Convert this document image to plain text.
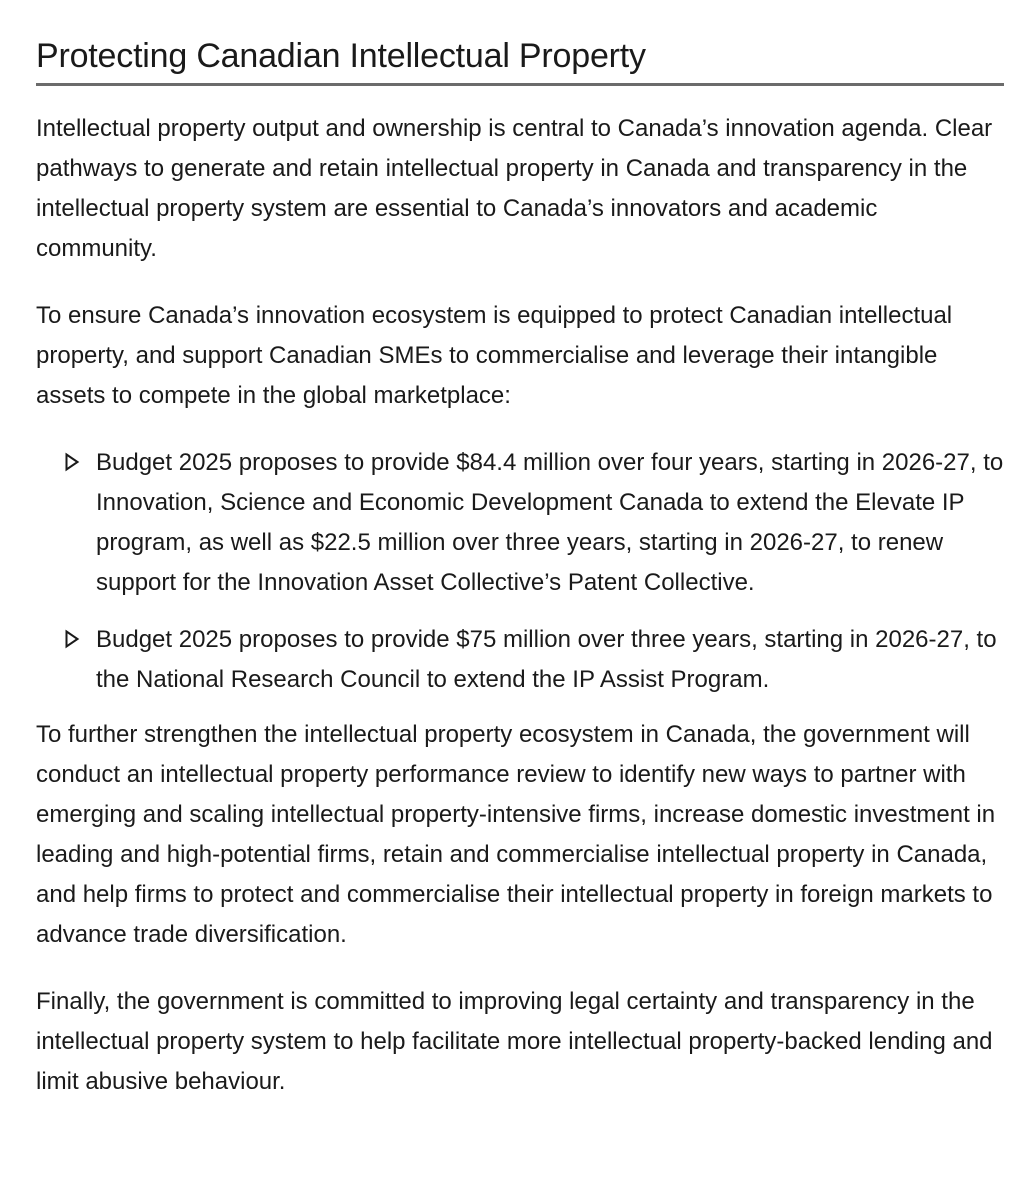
Protecting Canadian Intellectual Property

Intellectual property output and ownership is central to Canada’s innovation agenda. Clear pathways to generate and retain intellectual property in Canada and transparency in the intellectual property system are essential to Canada’s innovators and academic community.

To ensure Canada’s innovation ecosystem is equipped to protect Canadian intellectual property, and support Canadian SMEs to commercialise and leverage their intangible assets to compete in the global marketplace:

Budget 2025 proposes to provide $84.4 million over four years, starting in 2026-27, to Innovation, Science and Economic Development Canada to extend the Elevate IP program, as well as $22.5 million over three years, starting in 2026-27, to renew support for the Innovation Asset Collective’s Patent Collective.
Budget 2025 proposes to provide $75 million over three years, starting in 2026-27, to the National Research Council to extend the IP Assist Program.

To further strengthen the intellectual property ecosystem in Canada, the government will conduct an intellectual property performance review to identify new ways to partner with emerging and scaling intellectual property-intensive firms, increase domestic investment in leading and high-potential firms, retain and commercialise intellectual property in Canada, and help firms to protect and commercialise their intellectual property in foreign markets to advance trade diversification.

Finally, the government is committed to improving legal certainty and transparency in the intellectual property system to help facilitate more intellectual property-backed lending and limit abusive behaviour.
